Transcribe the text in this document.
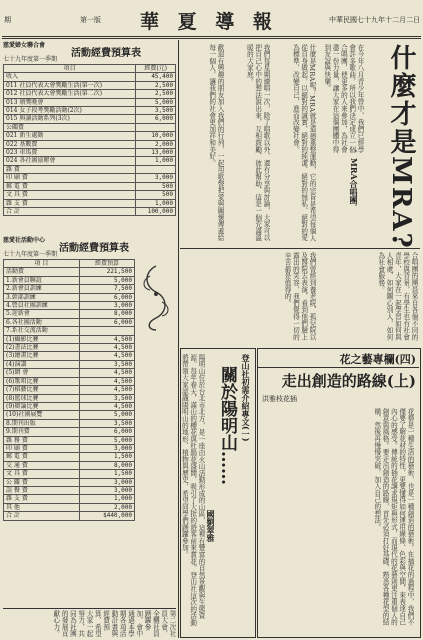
期	第一版	華 夏 導 報	中華民國七十九年十二月二日
什麼才是MRA?
．MRA合唱團．
在今年八月青少年營中，我們已經學會許多歌曲，所以我們決定成立一個合唱團，使更多的人來參加，為社會盡一份力量，讓大家在這個團體中得到友誼與快樂。
什麼是MRA呢？MRA就是道德重整運動，它的宗旨是希望每個人從自身做起，以絕對的誠實、絕對的純潔、絕對的無私、絕對的愛為標準，改變自己，進而改變社會。
我們每星期練唱一次，除了唱歌以外，還有分享與討論，大家可以把自己心中的想法說出來，互相鼓勵，彼此幫助，這是一個充滿溫暖的大家庭。
歡迎有興趣的朋友加入我們的行列，一起用歌聲把愛與關懷傳遞給每一個人，讓我們的社會更加祥和美好。
合唱團的團員來自各個不同的學校與背景，有學生也有社會青年，大家在一起學習如何與人相處，如何關心別人，如何為社會服務。
我們曾經到養老院、孤兒院以及醫院去表演，看到他們臉上露出的笑容，我們覺得一切的辛苦都是值得的。
花之藝專欄(四)
走出創造的路線(上)
洪雅枝花插
花藝是一種生活的藝術，也是一種創造的藝術。在插花的過程中，我們不僅要了解花材的特性，更要懂得如何運用線條、色彩與空間，來表達自己內心的感受。傳統的插花講求規矩與形式，而現代的花藝則更注重個人的創意與風格。要走出創造的路線，首先必須打好基礎，熟悉各種花型的結構，然後再慢慢突破，加入自己的想法。
登山社初需介紹專文(一)
關於陽明山……
國劉翠雅
陽明山位於台北市北方，是一座由火山活動形成的山區，這裡有豐富的自然景觀與生態資源。每年春天，滿山的櫻花與杜鵑花盛開，吸引了大批的遊客前來賞花。登山社這次的活動將帶領大家認識陽明山的地形、植物與歷史，希望同學們踴躍參加。
慈愛婦女聯合會
活動經費預算表
七十九年度第一季期
項目	經費(元)
收入	45,400
011 社員代表大會獎勵生活(第一次)	2,500
012 社員代表大會獎勵生活(第二次)	2,500
013 頒獎晚會	5,000
014 女子段考獎勵活動(2次)	3,500
015 與讀活動系列(3次)	6,000
公關費	
021 新生處動	10,000
022 基數費	2,000
023 車馬費	13,000
024 各社團協辦會	1,000
雜 費	
印 刷 費	3,000
郵 電 費	500
文 具 費	500
雜 支 費	1,000
合 計	100,000
慈愛社活動中心
活動經費預算表
七十九年度第一季期
項 目	經費預算
活動費	221,500
1.新會員聯誼	5,000
2.新會員訓練	7,500
3.幹部訓練	6,000
4.營員社團訓練	3,000
5.迎新會	8,000
6.各社團活動	6,000
7.系社交流活動	
(1)攝影比賽	4,500
(2)書法比賽	4,500
(3)繪畫比賽	4,500
(4)演講	3,500
(5)網 會	4,500
(6)歌唱比賽	4,500
(7)棋藝比賽	4,500
(8)籃球比賽	3,500
(9)辯論比賽	4,500
(10)社團展覽	5,000
8.期刊出版	3,500
9.期刊費	6,000
雜 務 費	5,000
印 刷 費	3,000
郵 電 費	1,500
交 通 費	8,000
文 具 費	1,500
公 關 費	3,000
誤 餐 費	3,000
雜 支 費	1,000
其 他	2,000
合 計	$440,000
第二次社員大會，全體社員踴躍參加，會中通過本學期各項活動計畫與經費預算，希望大家一起努力，共同為社團的發展貢獻心力。
